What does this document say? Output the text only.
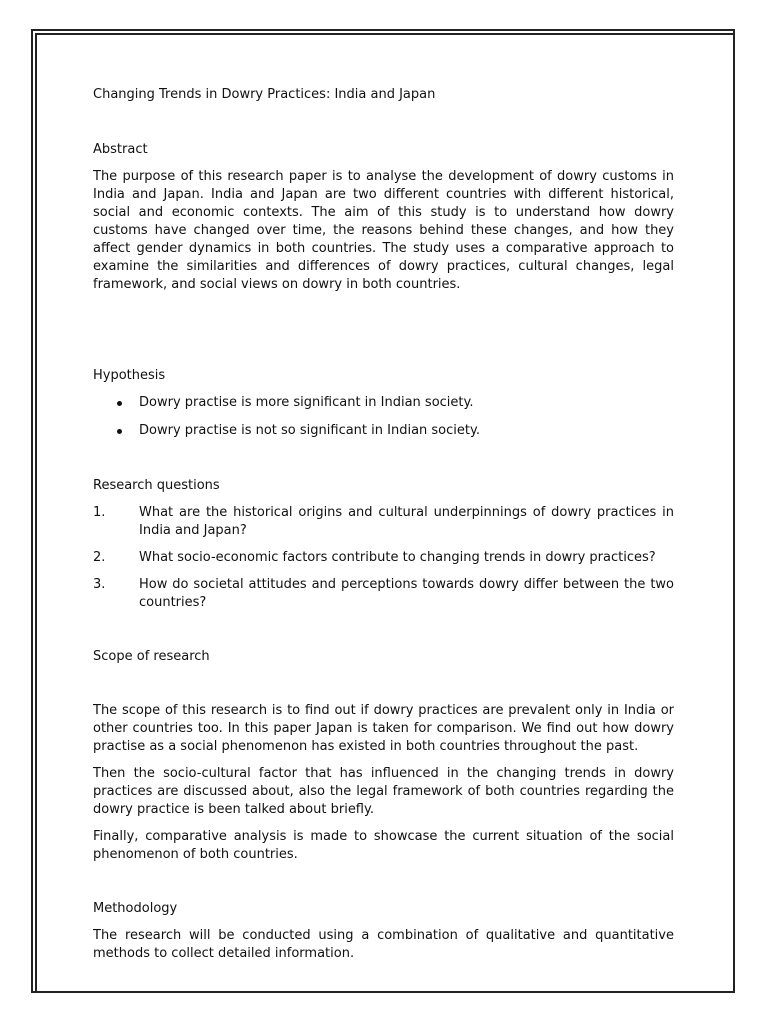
Changing Trends in Dowry Practices: India and Japan
Abstract

The purpose of this research paper is to analyse the development of dowry customs in India and Japan. India and Japan are two different countries with different historical, social and economic contexts. The aim of this study is to understand how dowry customs have changed over time, the reasons behind these changes, and how they affect gender dynamics in both countries. The study uses a comparative approach to examine the similarities and differences of dowry practices, cultural changes, legal framework, and social views on dowry in both countries.

Hypothesis
Dowry practise is more significant in Indian society.
Dowry practise is not so significant in Indian society.
Research questions
1.	What are the historical origins and cultural underpinnings of dowry practices in India and Japan?
2.	What socio-economic factors contribute to changing trends in dowry practices?
3.	How do societal attitudes and perceptions towards dowry differ between the two countries?
Scope of research

The scope of this research is to find out if dowry practices are prevalent only in India or other countries too. In this paper Japan is taken for comparison. We find out how dowry practise as a social phenomenon has existed in both countries throughout the past.

Then the socio-cultural factor that has influenced in the changing trends in dowry practices are discussed about, also the legal framework of both countries regarding the dowry practice is been talked about briefly.

Finally, comparative analysis is made to showcase the current situation of the social phenomenon of both countries.

Methodology

The research will be conducted using a combination of qualitative and quantitative methods to collect detailed information.
